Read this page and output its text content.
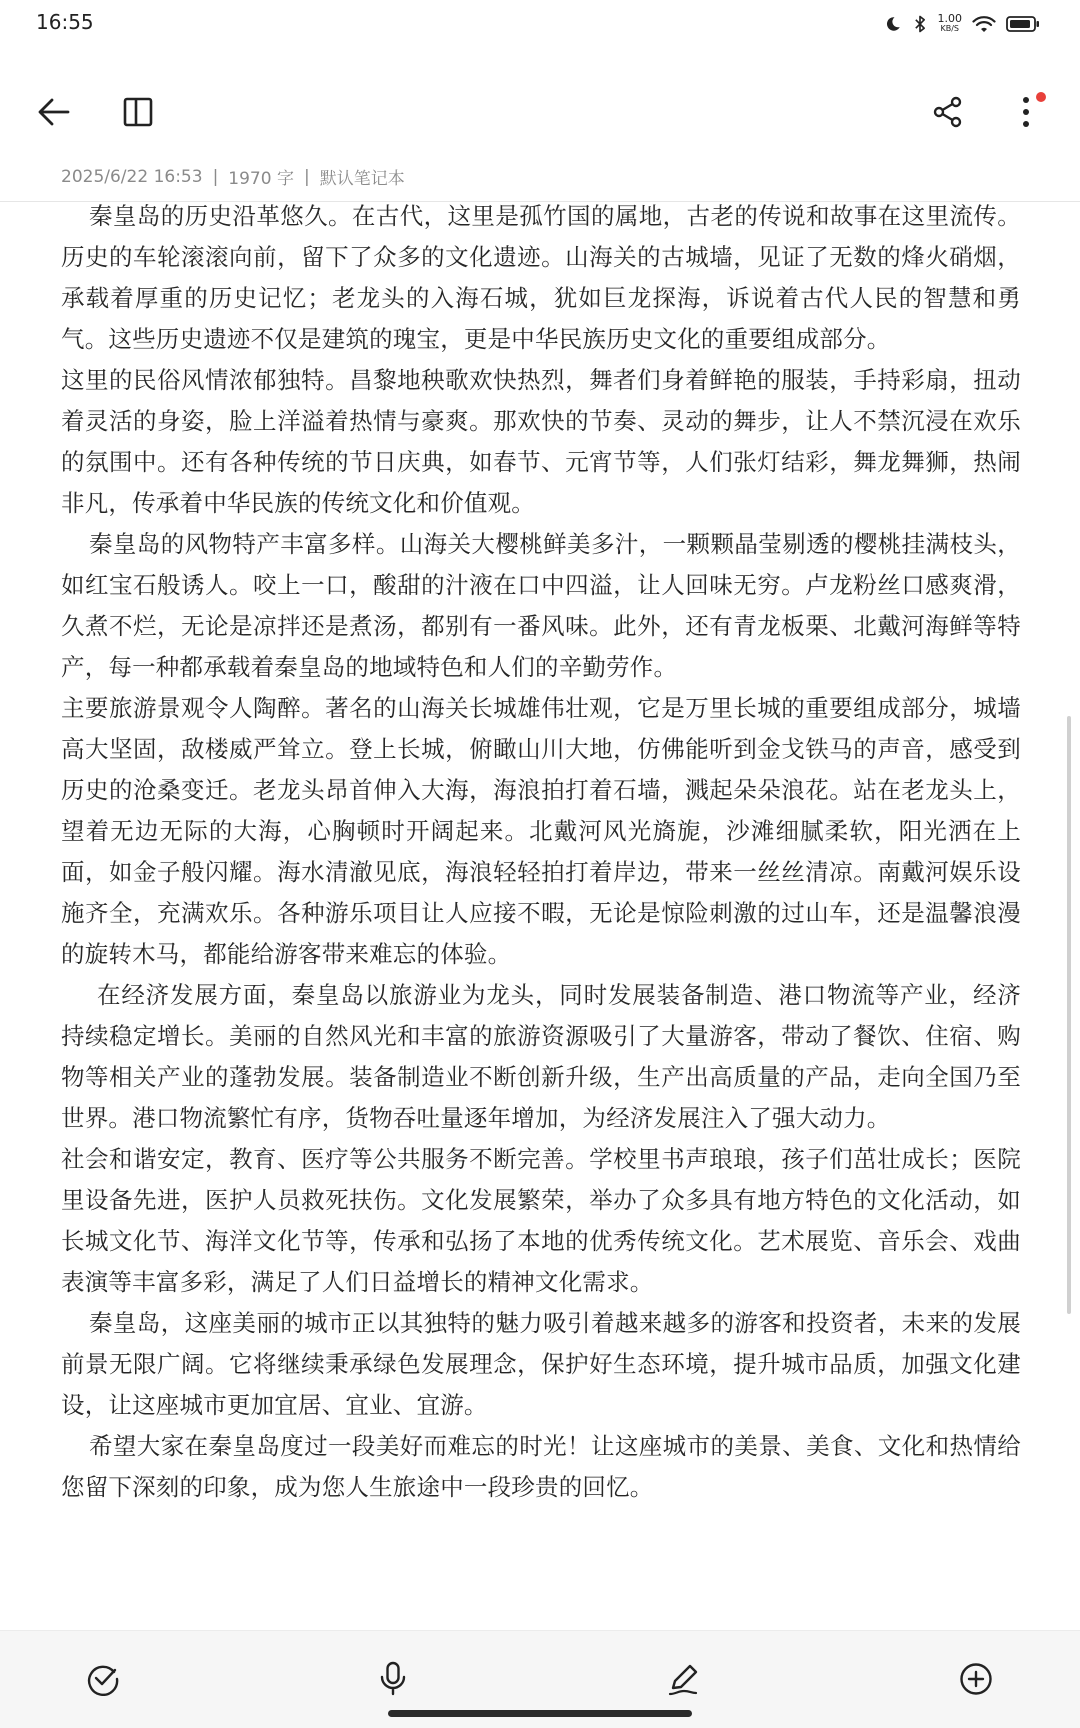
16:55	1.00
KB/S
2025/6/22 16:53 | 1970 字 | 默认笔记本

秦皇岛的历史沿革悠久。在古代，这里是孤竹国的属地，古老的传说和故事在这里流传。历史的车轮滚滚向前，留下了众多的文化遗迹。山海关的古城墙，见证了无数的烽火硝烟，承载着厚重的历史记忆；老龙头的入海石城，犹如巨龙探海，诉说着古代人民的智慧和勇气。这些历史遗迹不仅是建筑的瑰宝，更是中华民族历史文化的重要组成部分。

这里的民俗风情浓郁独特。昌黎地秧歌欢快热烈，舞者们身着鲜艳的服装，手持彩扇，扭动着灵活的身姿，脸上洋溢着热情与豪爽。那欢快的节奏、灵动的舞步，让人不禁沉浸在欢乐的氛围中。还有各种传统的节日庆典，如春节、元宵节等，人们张灯结彩，舞龙舞狮，热闹非凡，传承着中华民族的传统文化和价值观。

秦皇岛的风物特产丰富多样。山海关大樱桃鲜美多汁，一颗颗晶莹剔透的樱桃挂满枝头，如红宝石般诱人。咬上一口，酸甜的汁液在口中四溢，让人回味无穷。卢龙粉丝口感爽滑，久煮不烂，无论是凉拌还是煮汤，都别有一番风味。此外，还有青龙板栗、北戴河海鲜等特产，每一种都承载着秦皇岛的地域特色和人们的辛勤劳作。

主要旅游景观令人陶醉。著名的山海关长城雄伟壮观，它是万里长城的重要组成部分，城墙高大坚固，敌楼威严耸立。登上长城，俯瞰山川大地，仿佛能听到金戈铁马的声音，感受到历史的沧桑变迁。老龙头昂首伸入大海，海浪拍打着石墙，溅起朵朵浪花。站在老龙头上，望着无边无际的大海，心胸顿时开阔起来。北戴河风光旖旎，沙滩细腻柔软，阳光洒在上面，如金子般闪耀。海水清澈见底，海浪轻轻拍打着岸边，带来一丝丝清凉。南戴河娱乐设施齐全，充满欢乐。各种游乐项目让人应接不暇，无论是惊险刺激的过山车，还是温馨浪漫的旋转木马，都能给游客带来难忘的体验。

在经济发展方面，秦皇岛以旅游业为龙头，同时发展装备制造、港口物流等产业，经济持续稳定增长。美丽的自然风光和丰富的旅游资源吸引了大量游客，带动了餐饮、住宿、购物等相关产业的蓬勃发展。装备制造业不断创新升级，生产出高质量的产品，走向全国乃至世界。港口物流繁忙有序，货物吞吐量逐年增加，为经济发展注入了强大动力。

社会和谐安定，教育、医疗等公共服务不断完善。学校里书声琅琅，孩子们茁壮成长；医院里设备先进，医护人员救死扶伤。文化发展繁荣，举办了众多具有地方特色的文化活动，如长城文化节、海洋文化节等，传承和弘扬了本地的优秀传统文化。艺术展览、音乐会、戏曲表演等丰富多彩，满足了人们日益增长的精神文化需求。

秦皇岛，这座美丽的城市正以其独特的魅力吸引着越来越多的游客和投资者，未来的发展前景无限广阔。它将继续秉承绿色发展理念，保护好生态环境，提升城市品质，加强文化建设，让这座城市更加宜居、宜业、宜游。

希望大家在秦皇岛度过一段美好而难忘的时光！让这座城市的美景、美食、文化和热情给您留下深刻的印象，成为您人生旅途中一段珍贵的回忆。
